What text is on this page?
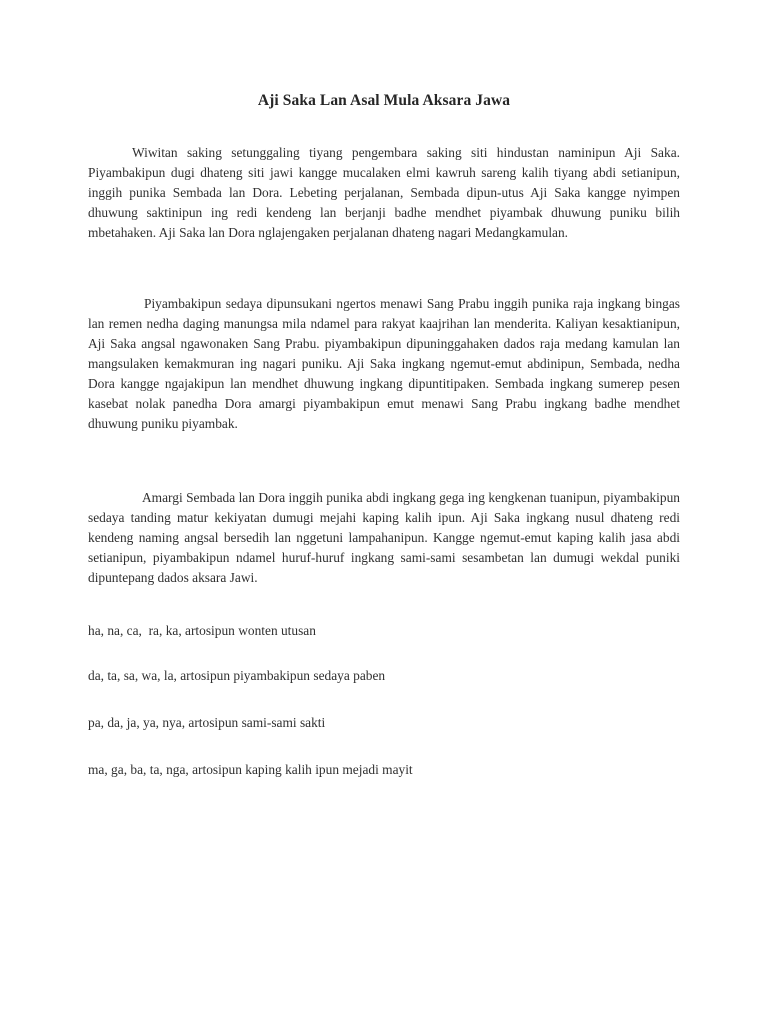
Aji Saka Lan Asal Mula Aksara Jawa

Wiwitan saking setunggaling tiyang pengembara saking siti hindustan naminipun Aji Saka. Piyambakipun dugi dhateng siti jawi kangge mucalaken elmi kawruh sareng kalih tiyang abdi setianipun, inggih punika Sembada lan Dora. Lebeting perjalanan, Sembada dipun-utus Aji Saka kangge nyimpen dhuwung saktinipun ing redi kendeng lan berjanji badhe mendhet piyambak dhuwung puniku bilih mbetahaken. Aji Saka lan Dora nglajengaken perjalanan dhateng nagari Medangkamulan.

Piyambakipun sedaya dipunsukani ngertos menawi Sang Prabu inggih punika raja ingkang bingas lan remen nedha daging manungsa mila ndamel para rakyat kaajrihan lan menderita. Kaliyan kesaktianipun, Aji Saka angsal ngawonaken Sang Prabu. piyambakipun dipuninggahaken dados raja medang kamulan lan mangsulaken kemakmuran ing nagari puniku. Aji Saka ingkang ngemut-emut abdinipun, Sembada, nedha Dora kangge ngajakipun lan mendhet dhuwung ingkang dipuntitipaken. Sembada ingkang sumerep pesen kasebat nolak panedha Dora amargi piyambakipun emut menawi Sang Prabu ingkang badhe mendhet dhuwung puniku piyambak.

Amargi Sembada lan Dora inggih punika abdi ingkang gega ing kengkenan tuanipun, piyambakipun sedaya tanding matur kekiyatan dumugi mejahi kaping kalih ipun. Aji Saka ingkang nusul dhateng redi kendeng naming angsal bersedih lan nggetuni lampahanipun. Kangge ngemut-emut kaping kalih jasa abdi setianipun, piyambakipun ndamel huruf-huruf ingkang sami-sami sesambetan lan dumugi wekdal puniki dipuntepang dados aksara Jawi.

ha, na, ca,  ra, ka, artosipun wonten utusan

da, ta, sa, wa, la, artosipun piyambakipun sedaya paben

pa, da, ja, ya, nya, artosipun sami-sami sakti

ma, ga, ba, ta, nga, artosipun kaping kalih ipun mejadi mayit
